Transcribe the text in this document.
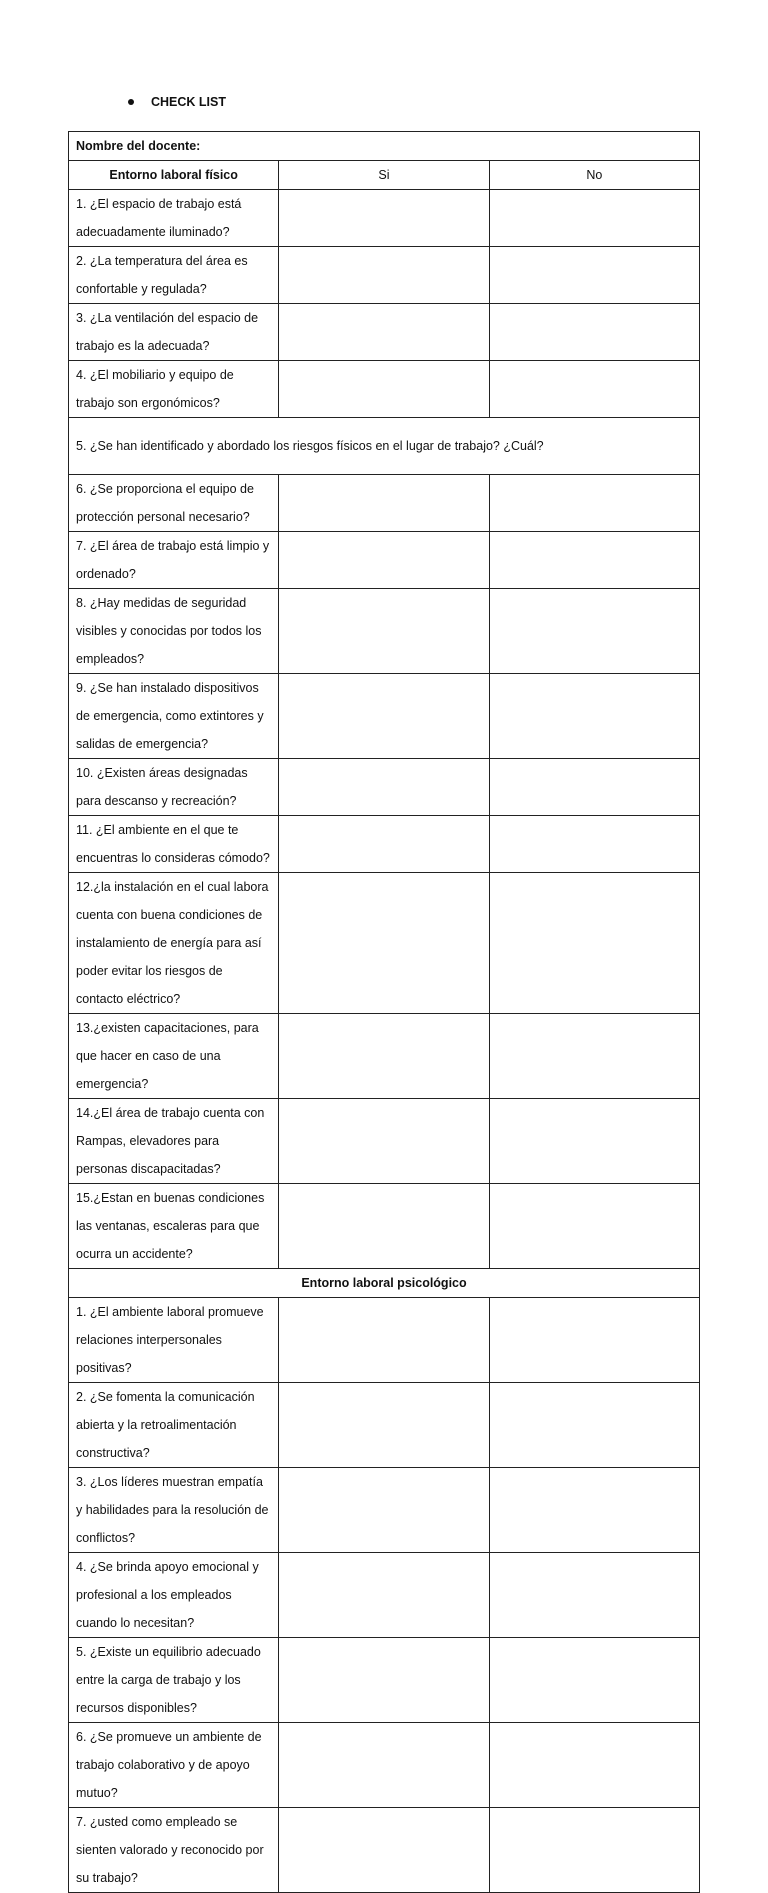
CHECK LIST
Nombre del docente:		
Entorno laboral físico	Si	No
1. ¿El espacio de trabajo está adecuadamente iluminado?		
2. ¿La temperatura del área es confortable y regulada?		
3. ¿La ventilación del espacio de trabajo es la adecuada?		
4. ¿El mobiliario y equipo de trabajo son ergonómicos?		
5. ¿Se han identificado y abordado los riesgos físicos en el lugar de trabajo? ¿Cuál?		
6. ¿Se proporciona el equipo de protección personal necesario?		
7. ¿El área de trabajo está limpio y ordenado?		
8. ¿Hay medidas de seguridad visibles y conocidas por todos los empleados?		
9. ¿Se han instalado dispositivos de emergencia, como extintores y salidas de emergencia?		
10. ¿Existen áreas designadas para descanso y recreación?		
11. ¿El ambiente en el que te encuentras lo consideras cómodo?		
12.¿la instalación en el cual labora cuenta con buena condiciones de instalamiento de energía para así poder evitar los riesgos de contacto eléctrico?		
13.¿existen capacitaciones, para que hacer en caso de una emergencia?		
14.¿El área de trabajo cuenta con Rampas, elevadores para personas discapacitadas?		
15.¿Estan en buenas condiciones las ventanas, escaleras para que ocurra un accidente?		
Entorno laboral psicológico		
1. ¿El ambiente laboral promueve relaciones interpersonales positivas?		
2. ¿Se fomenta la comunicación abierta y la retroalimentación constructiva?		
3. ¿Los líderes muestran empatía y habilidades para la resolución de conflictos?		
4. ¿Se brinda apoyo emocional y profesional a los empleados cuando lo necesitan?		
5. ¿Existe un equilibrio adecuado entre la carga de trabajo y los recursos disponibles?		
6. ¿Se promueve un ambiente de trabajo colaborativo y de apoyo mutuo?		
7. ¿usted como empleado se sienten valorado y reconocido por su trabajo?		
